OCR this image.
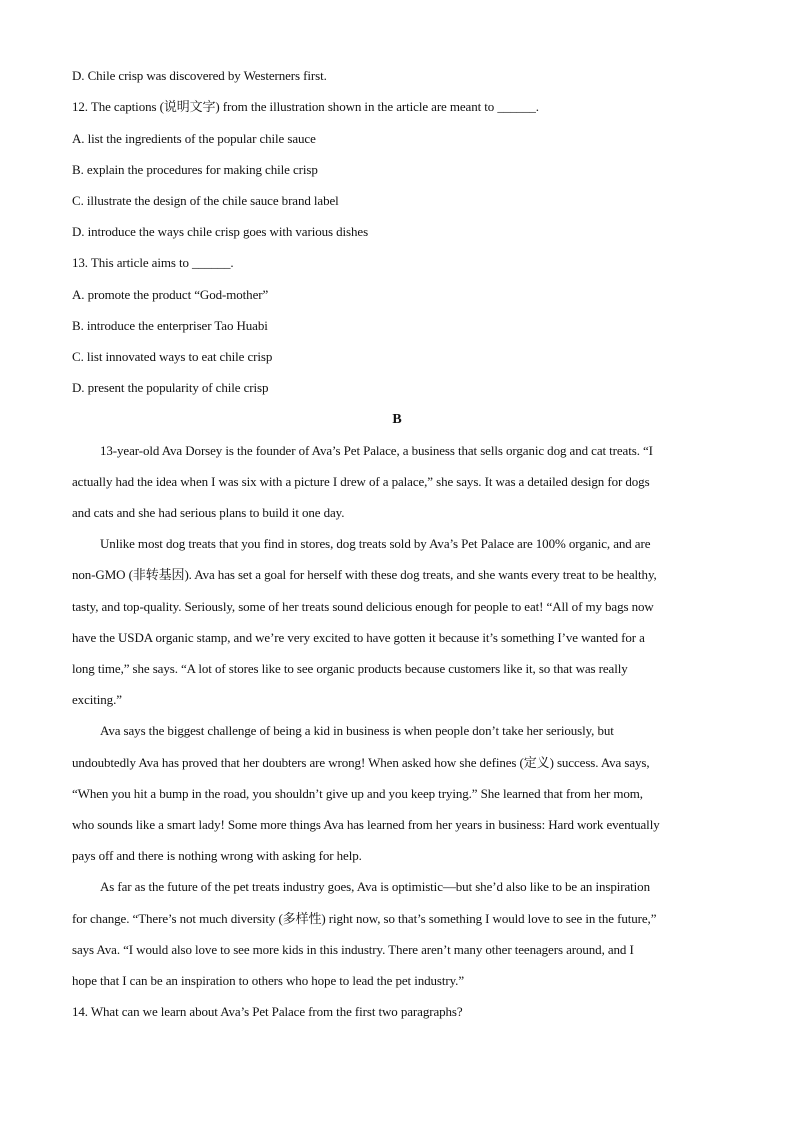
D. Chile crisp was discovered by Westerners first.
12. The captions (说明文字) from the illustration shown in the article are meant to ______.
A. list the ingredients of the popular chile sauce
B. explain the procedures for making chile crisp
C. illustrate the design of the chile sauce brand label
D. introduce the ways chile crisp goes with various dishes
13. This article aims to ______.
A. promote the product “God-mother”
B. introduce the enterpriser Tao Huabi
C. list innovated ways to eat chile crisp
D. present the popularity of chile crisp
B
13-year-old Ava Dorsey is the founder of Ava’s Pet Palace, a business that sells organic dog and cat treats. “I
actually had the idea when I was six with a picture I drew of a palace,” she says. It was a detailed design for dogs
and cats and she had serious plans to build it one day.
Unlike most dog treats that you find in stores, dog treats sold by Ava’s Pet Palace are 100% organic, and are
non-GMO (非转基因). Ava has set a goal for herself with these dog treats, and she wants every treat to be healthy,
tasty, and top-quality. Seriously, some of her treats sound delicious enough for people to eat! “All of my bags now
have the USDA organic stamp, and we’re very excited to have gotten it because it’s something I’ve wanted for a
long time,” she says. “A lot of stores like to see organic products because customers like it, so that was really
exciting.”
Ava says the biggest challenge of being a kid in business is when people don’t take her seriously, but
undoubtedly Ava has proved that her doubters are wrong! When asked how she defines (定义) success. Ava says,
“When you hit a bump in the road, you shouldn’t give up and you keep trying.” She learned that from her mom,
who sounds like a smart lady! Some more things Ava has learned from her years in business: Hard work eventually
pays off and there is nothing wrong with asking for help.
As far as the future of the pet treats industry goes, Ava is optimistic—but she’d also like to be an inspiration
for change. “There’s not much diversity (多样性) right now, so that’s something I would love to see in the future,”
says Ava. “I would also love to see more kids in this industry. There aren’t many other teenagers around, and I
hope that I can be an inspiration to others who hope to lead the pet industry.”
14. What can we learn about Ava’s Pet Palace from the first two paragraphs?
